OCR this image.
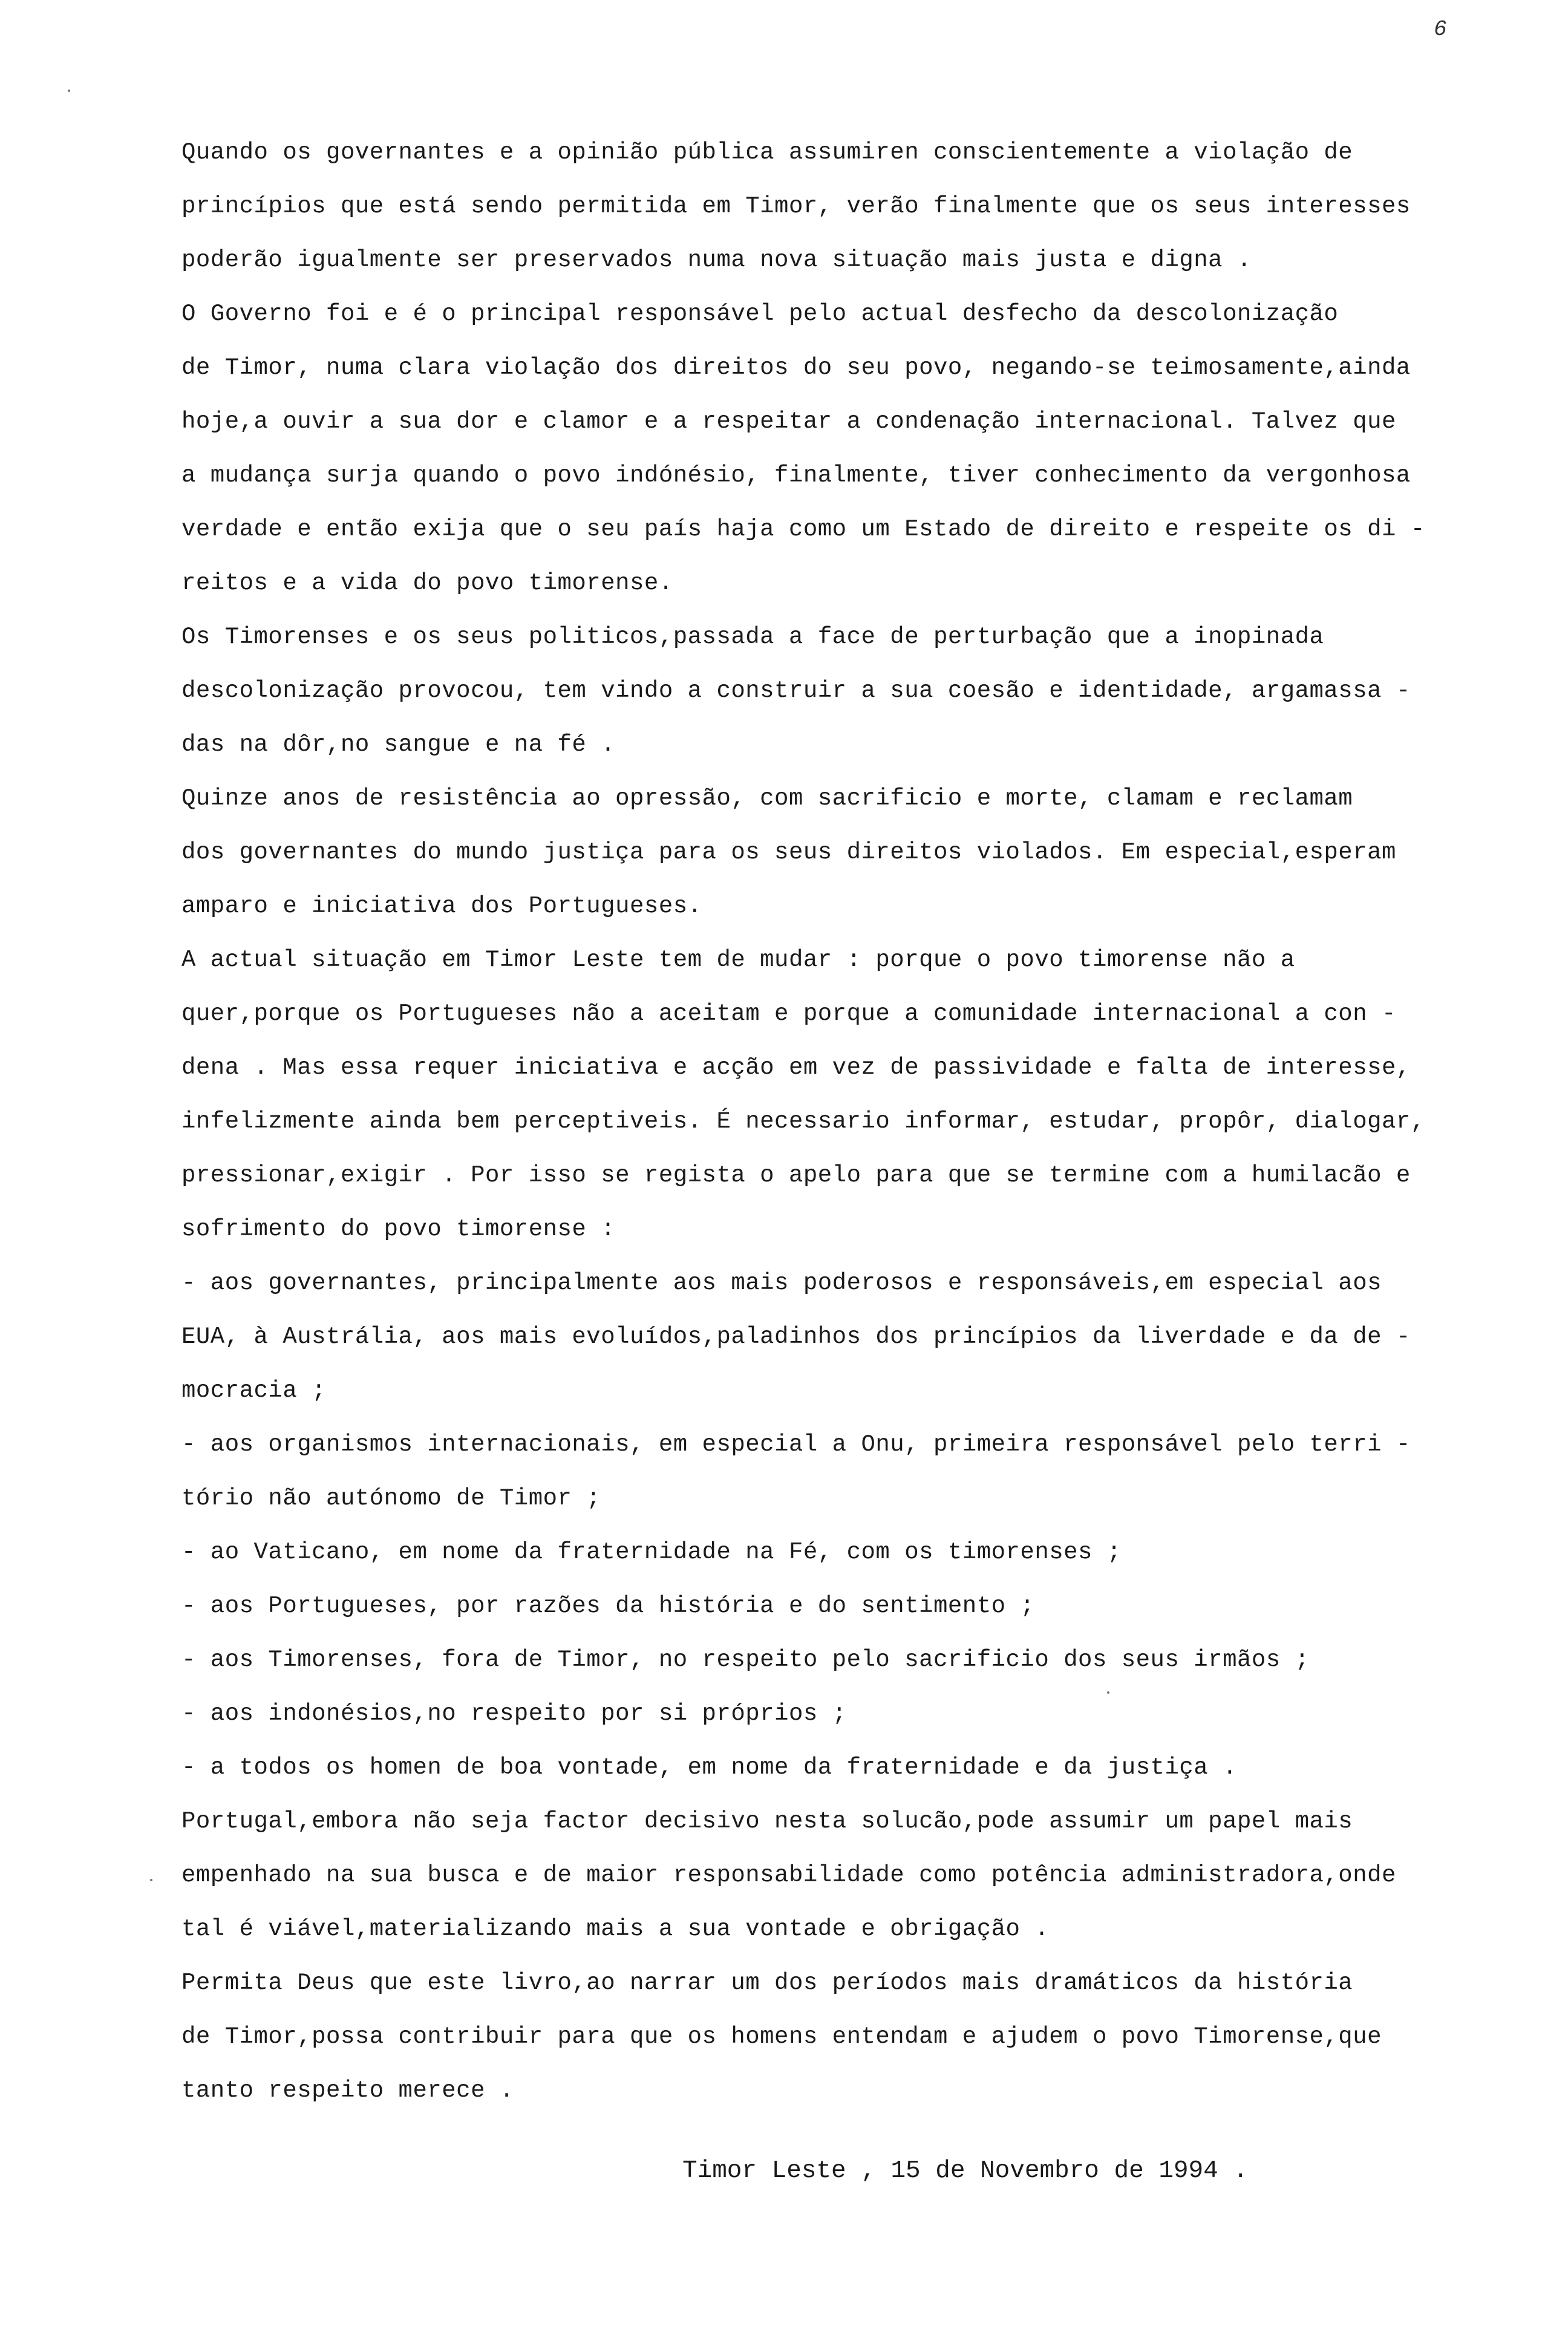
6
Quando os governantes e a opinião pública assumiren conscientemente a violação de
princípios que está sendo permitida em Timor, verão finalmente que os seus interesses
poderão igualmente ser preservados numa nova situação mais justa e digna .
O Governo foi e é o principal responsável pelo actual desfecho da descolonização
de Timor, numa clara violação dos direitos do seu povo, negando-se teimosamente,ainda
hoje,a ouvir a sua dor e clamor e a respeitar a condenação internacional. Talvez que
a mudança surja quando o povo indónésio, finalmente, tiver conhecimento da vergonhosa
verdade e então exija que o seu país haja como um Estado de direito e respeite os di -
reitos e a vida do povo timorense.
Os Timorenses e os seus politicos,passada a face de perturbação que a inopinada
descolonização provocou, tem vindo a construir a sua coesão e identidade, argamassa -
das na dôr,no sangue e na fé .
Quinze anos de resistência ao opressão, com sacrificio e morte, clamam e reclamam
dos governantes do mundo justiça para os seus direitos violados. Em especial,esperam
amparo e iniciativa dos Portugueses.
A actual situação em Timor Leste tem de mudar : porque o povo timorense não a
quer,porque os Portugueses não a aceitam e porque a comunidade internacional a con -
dena . Mas essa requer iniciativa e acção em vez de passividade e falta de interesse,
infelizmente ainda bem perceptiveis. É necessario informar, estudar, propôr, dialogar,
pressionar,exigir . Por isso se regista o apelo para que se termine com a humilacão e
sofrimento do povo timorense :
- aos governantes, principalmente aos mais poderosos e responsáveis,em especial aos
EUA, à Austrália, aos mais evoluídos,paladinhos dos princípios da liverdade e da de -
mocracia ;
- aos organismos internacionais, em especial a Onu, primeira responsável pelo terri -
tório não autónomo de Timor ;
- ao Vaticano, em nome da fraternidade na Fé, com os timorenses ;
- aos Portugueses, por razões da história e do sentimento ;
- aos Timorenses, fora de Timor, no respeito pelo sacrificio dos seus irmãos ;
- aos indonésios,no respeito por si próprios ;
- a todos os homen de boa vontade, em nome da fraternidade e da justiça .
Portugal,embora não seja factor decisivo nesta solucão,pode assumir um papel mais
empenhado na sua busca e de maior responsabilidade como potência administradora,onde
tal é viável,materializando mais a sua vontade e obrigação .
Permita Deus que este livro,ao narrar um dos períodos mais dramáticos da história
de Timor,possa contribuir para que os homens entendam e ajudem o povo Timorense,que
tanto respeito merece .
Timor Leste , 15 de Novembro de 1994 .
